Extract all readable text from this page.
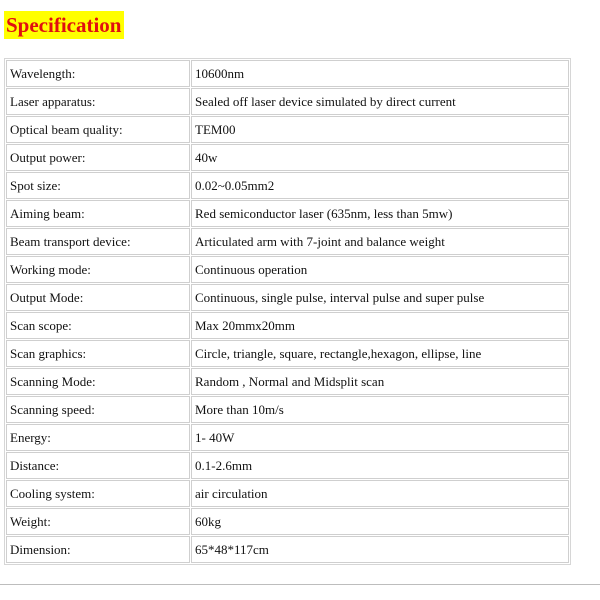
Specification
Wavelength:	10600nm
Laser apparatus:	Sealed off laser device simulated by direct current
Optical beam quality:	TEM00
Output power:	40w
Spot size:	0.02~0.05mm2
Aiming beam:	Red semiconductor laser (635nm, less than 5mw)
Beam transport device:	Articulated arm with 7-joint and balance weight
Working mode:	Continuous operation
Output Mode:	Continuous, single pulse, interval pulse and super pulse
Scan scope:	Max 20mmx20mm
Scan graphics:	Circle, triangle, square, rectangle,hexagon, ellipse, line
Scanning Mode:	Random , Normal and Midsplit scan
Scanning speed:	More than 10m/s
Energy:	1- 40W
Distance:	0.1-2.6mm
Cooling system:	air circulation
Weight:	60kg
Dimension:	65*48*117cm
